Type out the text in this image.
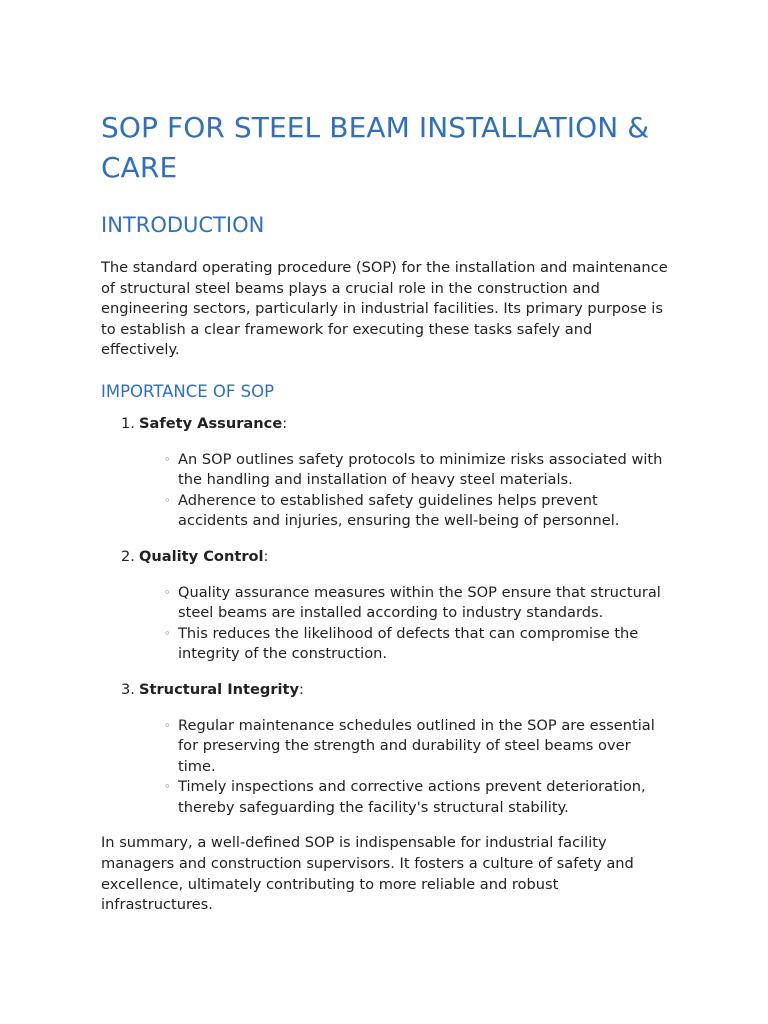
SOP FOR STEEL BEAM INSTALLATION & CARE
INTRODUCTION

The standard operating procedure (SOP) for the installation and maintenance of structural steel beams plays a crucial role in the construction and engineering sectors, particularly in industrial facilities. Its primary purpose is to establish a clear framework for executing these tasks safely and effectively.

IMPORTANCE OF SOP
1. Safety Assurance:
◦ An SOP outlines safety protocols to minimize risks associated with the handling and installation of heavy steel materials.
◦ Adherence to established safety guidelines helps prevent accidents and injuries, ensuring the well-being of personnel.
2. Quality Control:
◦ Quality assurance measures within the SOP ensure that structural steel beams are installed according to industry standards.
◦ This reduces the likelihood of defects that can compromise the integrity of the construction.
3. Structural Integrity:
◦ Regular maintenance schedules outlined in the SOP are essential for preserving the strength and durability of steel beams over time.
◦ Timely inspections and corrective actions prevent deterioration, thereby safeguarding the facility's structural stability.

In summary, a well-defined SOP is indispensable for industrial facility managers and construction supervisors. It fosters a culture of safety and excellence, ultimately contributing to more reliable and robust infrastructures.
